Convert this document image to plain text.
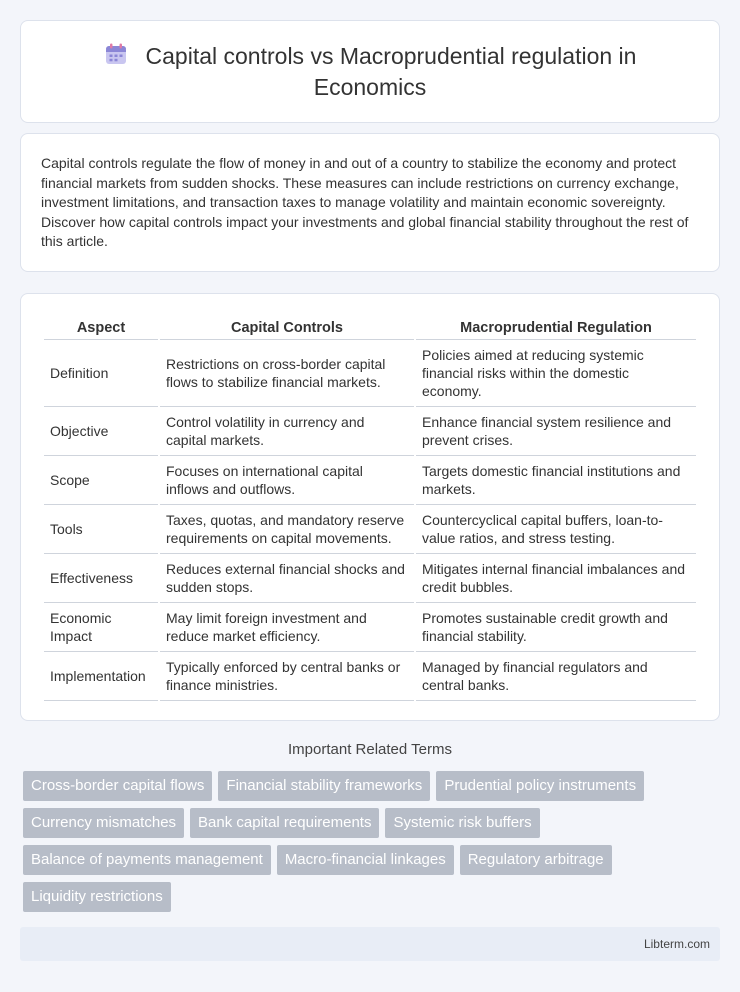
Capital controls vs Macroprudential regulation in Economics

Capital controls regulate the flow of money in and out of a country to stabilize the economy and protect financial markets from sudden shocks. These measures can include restrictions on currency exchange, investment limitations, and transaction taxes to manage volatility and maintain economic sovereignty. Discover how capital controls impact your investments and global financial stability throughout the rest of this article.

Aspect	Capital Controls	Macroprudential Regulation
Definition	Restrictions on cross-border capital flows to stabilize financial markets.	Policies aimed at reducing systemic financial risks within the domestic economy.
Objective	Control volatility in currency and capital markets.	Enhance financial system resilience and prevent crises.
Scope	Focuses on international capital inflows and outflows.	Targets domestic financial institutions and markets.
Tools	Taxes, quotas, and mandatory reserve requirements on capital movements.	Countercyclical capital buffers, loan-to-value ratios, and stress testing.
Effectiveness	Reduces external financial shocks and sudden stops.	Mitigates internal financial imbalances and credit bubbles.
Economic Impact	May limit foreign investment and reduce market efficiency.	Promotes sustainable credit growth and financial stability.
Implementation	Typically enforced by central banks or finance ministries.	Managed by financial regulators and central banks.
Important Related Terms
Cross-border capital flows	Financial stability frameworks	Prudential policy instruments
Currency mismatches	Bank capital requirements	Systemic risk buffers
Balance of payments management	Macro-financial linkages	Regulatory arbitrage
Liquidity restrictions
Libterm.com
